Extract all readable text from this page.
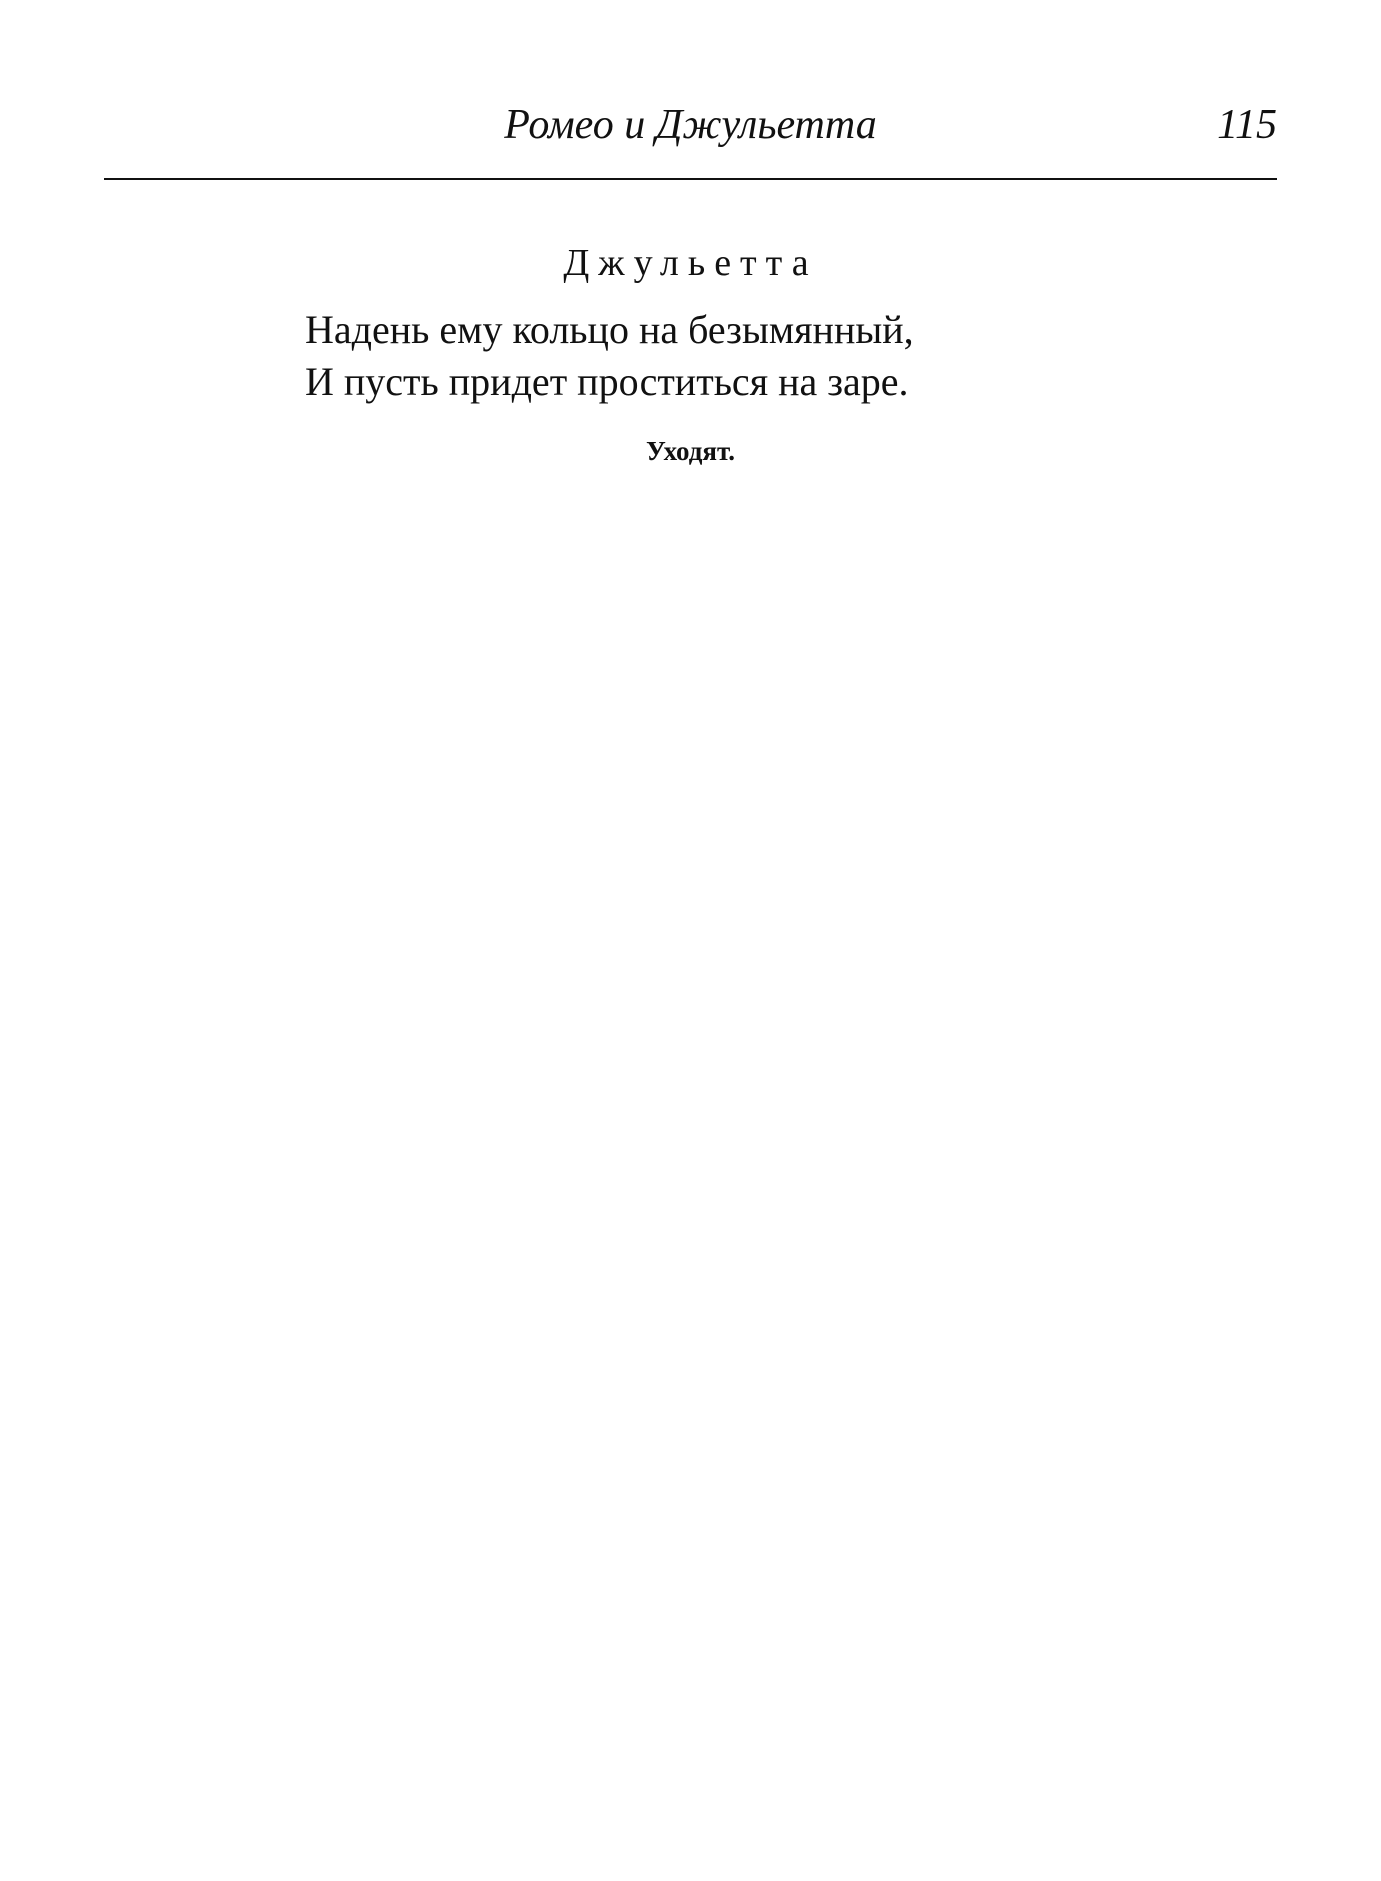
Ромео и Джульетта	115
Джульетта
Надень ему кольцо на безымянный,
И пусть придет проститься на заре.
Уходят.
